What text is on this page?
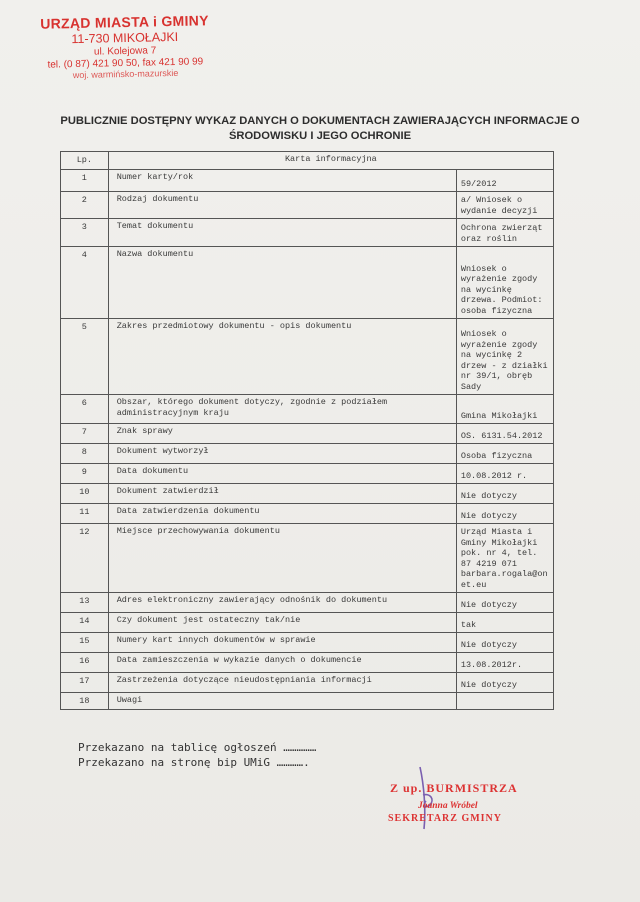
URZĄD MIASTA i GMINY
11-730 MIKOŁAJKI
ul. Kolejowa 7
tel. (0 87) 421 90 50, fax 421 90 99
woj. warmińsko-mazurskie
PUBLICZNIE DOSTĘPNY WYKAZ DANYCH O DOKUMENTACH ZAWIERAJĄCYCH INFORMACJE O
ŚRODOWISKU I JEGO OCHRONIE
Lp.	Karta informacyjna	
1	Numer karty/rok	59/2012
2	Rodzaj dokumentu	a/ Wniosek o wydanie decyzji
3	Temat dokumentu	Ochrona zwierząt oraz roślin
4	Nazwa dokumentu	Wniosek o wyrażenie zgody na wycinkę drzewa. Podmiot: osoba fizyczna
5	Zakres przedmiotowy dokumentu - opis dokumentu	Wniosek o wyrażenie zgody na wycinkę 2 drzew - z działki nr 39/1, obręb Sady
6	Obszar, którego dokument dotyczy, zgodnie z podziałem administracyjnym kraju	Gmina Mikołajki
7	Znak sprawy	OS. 6131.54.2012
8	Dokument wytworzył	Osoba fizyczna
9	Data dokumentu	10.08.2012 r.
10	Dokument zatwierdził	Nie dotyczy
11	Data zatwierdzenia dokumentu	Nie dotyczy
12	Miejsce przechowywania dokumentu	Urząd Miasta i Gminy Mikołajki pok. nr 4, tel. 87 4219 071 barbara.rogala@on et.eu
13	Adres elektroniczny zawierający odnośnik do dokumentu	Nie dotyczy
14	Czy dokument jest ostateczny tak/nie	tak
15	Numery kart innych dokumentów w sprawie	Nie dotyczy
16	Data zamieszczenia w wykazie danych o dokumencie	13.08.2012r.
17	Zastrzeżenia dotyczące nieudostępniania informacji	Nie dotyczy
18	Uwagi	
Przekazano na tablicę ogłoszeń ……………
Przekazano na stronę bip UMiG ………….
Z up. BURMISTRZA
Joanna Wróbel
SEKRETARZ GMINY
